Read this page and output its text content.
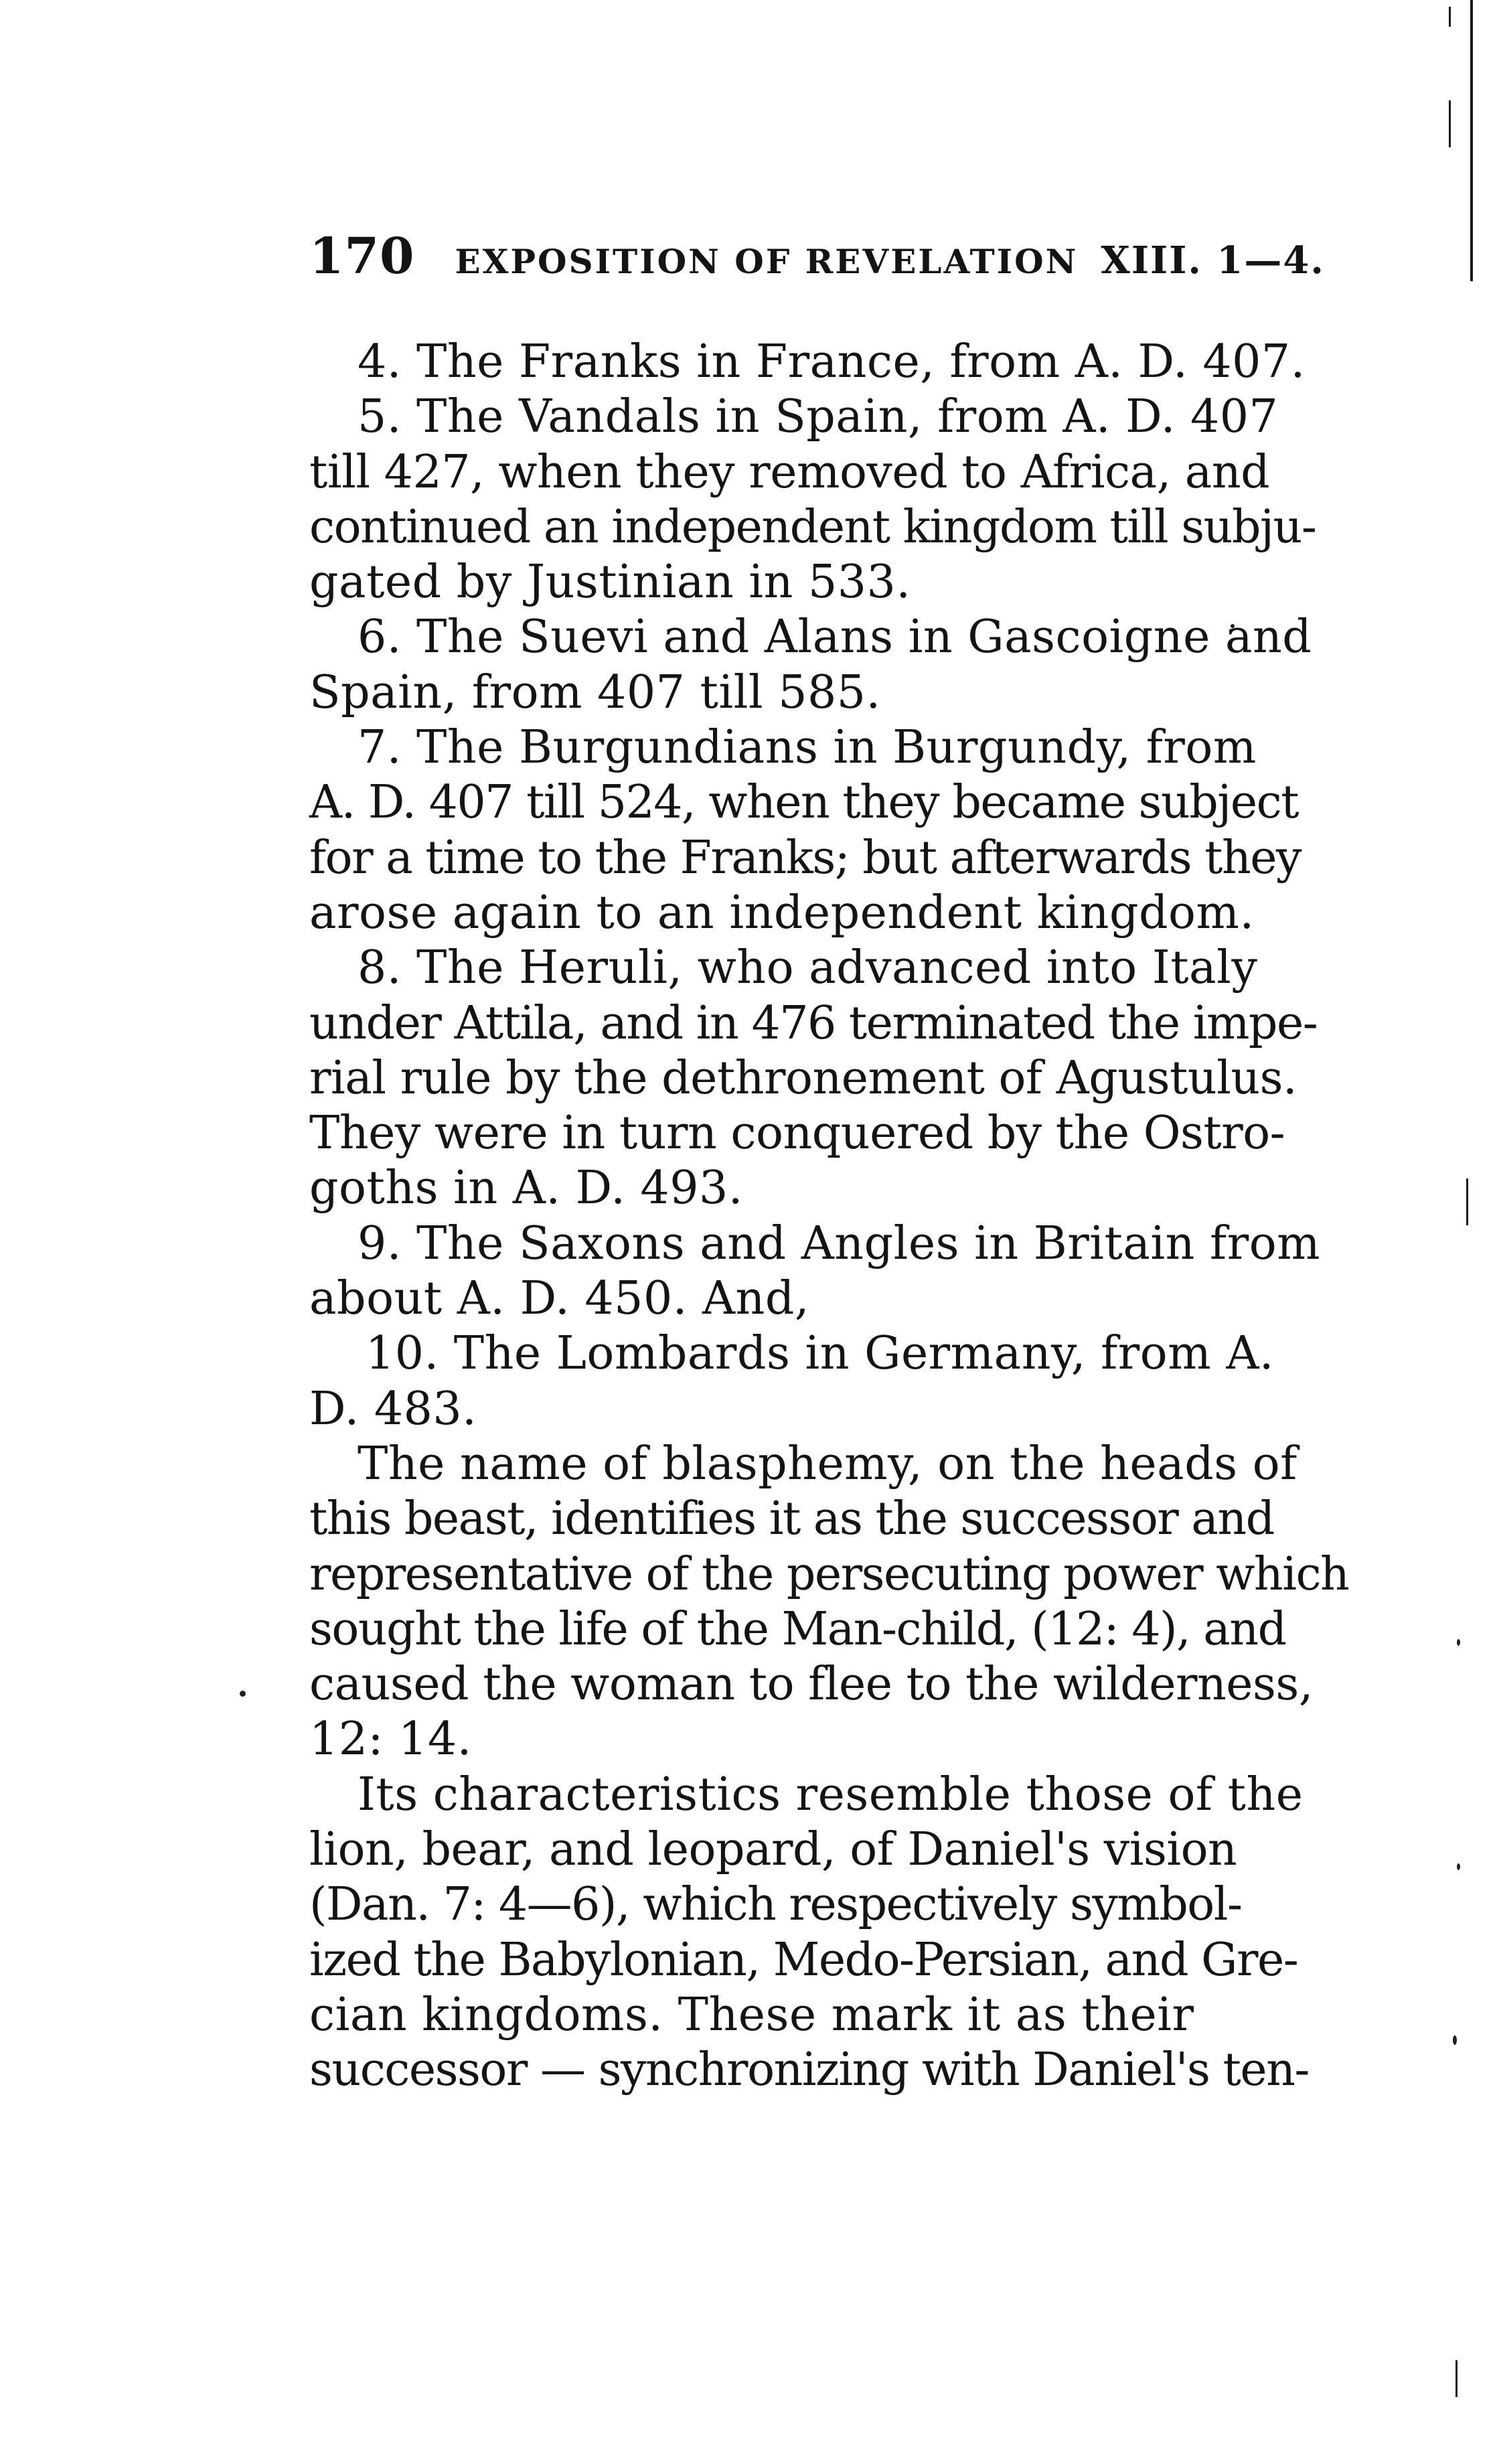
170 EXPOSITION OF REVELATION XIII. 1—4.
4. The Franks in France, from A. D. 407.
5. The Vandals in Spain, from A. D. 407
till 427, when they removed to Africa, and
continued an independent kingdom till subju-
gated by Justinian in 533.
6. The Suevi and Alans in Gascoigne and
Spain, from 407 till 585.
7. The Burgundians in Burgundy, from
A. D. 407 till 524, when they became subject
for a time to the Franks; but afterwards they
arose again to an independent kingdom.
8. The Heruli, who advanced into Italy
under Attila, and in 476 terminated the impe-
rial rule by the dethronement of Agustulus.
They were in turn conquered by the Ostro-
goths in A. D. 493.
9. The Saxons and Angles in Britain from
about A. D. 450. And,
10. The Lombards in Germany, from A.
D. 483.
The name of blasphemy, on the heads of
this beast, identifies it as the successor and
representative of the persecuting power which
sought the life of the Man-child, (12: 4), and
caused the woman to flee to the wilderness,
12: 14.
Its characteristics resemble those of the
lion, bear, and leopard, of Daniel's vision
(Dan. 7: 4—6), which respectively symbol-
ized the Babylonian, Medo-Persian, and Gre-
cian kingdoms. These mark it as their
successor — synchronizing with Daniel's ten-
